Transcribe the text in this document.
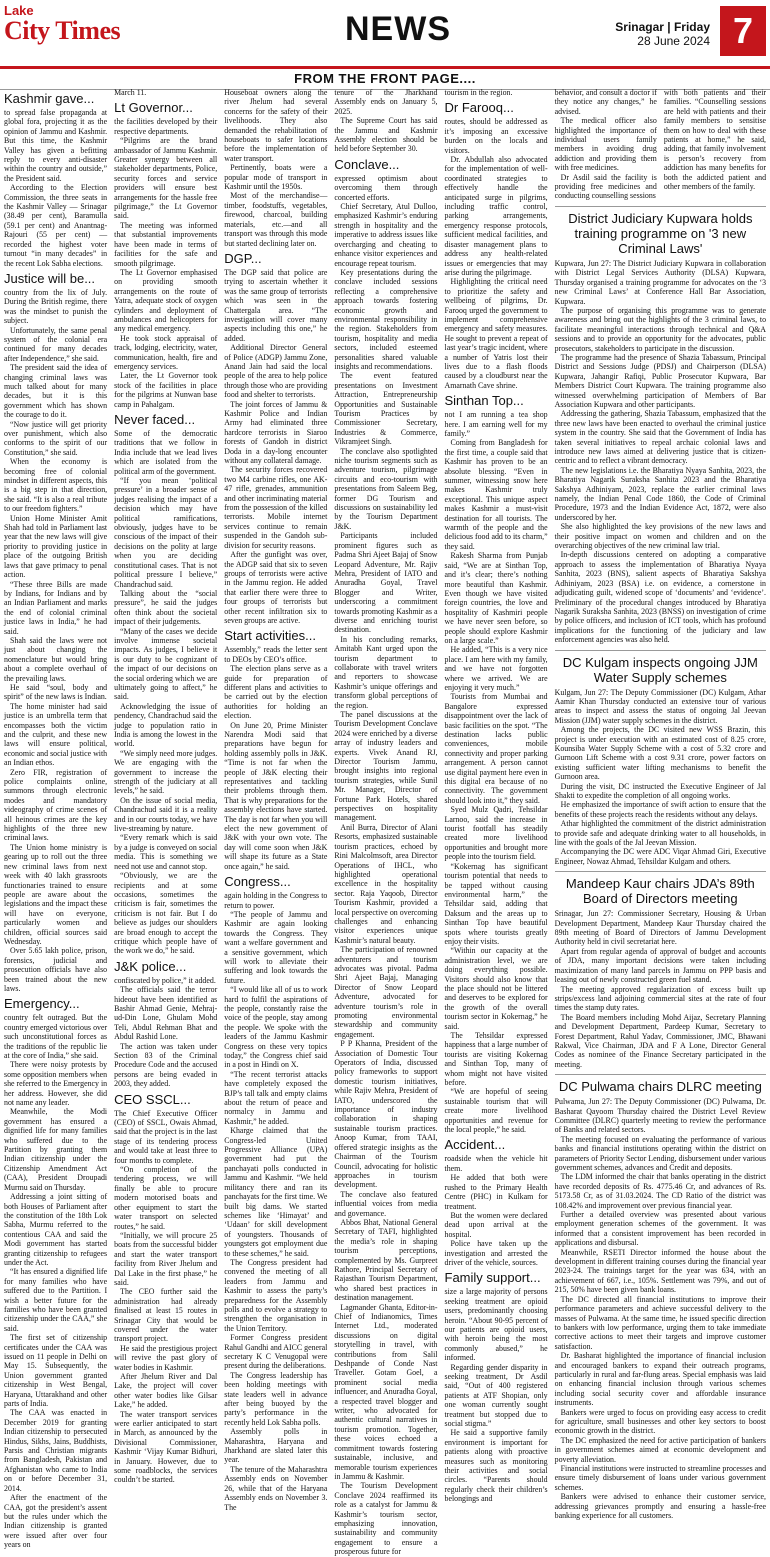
Lake
City Times	NEWS	Srinagar | Friday
28 June 2024 7
FROM THE FRONT PAGE....
Kashmir gave...

to spread false propaganda at global fora, projecting it as the opinion of Jammu and Kashmir. But this time, the Kashmir Valley has given a befitting reply to every anti-disaster within the country and outside,” the President said.

According to the Election Commission, the three seats in the Kashmir Valley — Srinagar (38.49 per cent), Baramulla (59.1 per cent) and Anantnag-Rajouri (55 per cent) — recorded the highest voter turnout “in many decades” in the recent Lok Sabha elections.

Justice will be...

country from the lix of July. During the British regime, there was the mindset to punish the subject.

Unfortunately, the same penal system of the colonial era continued for many decades after Independence,” she said.

The president said the idea of changing criminal laws was much talked about for many decades, but it is this government which has shown the courage to do it.

“Now justice will get priority over punishment, which also conforms to the spirit of our Constitution,” she said.

When the economy is becoming free of colonial mindset in different aspects, this is a big step in that direction, she said. “It is also a real tribute to our freedom fighters.”

Union Home Minister Amit Shah had told in Parliament last year that the new laws will give priority to providing justice in place of the outgoing British laws that gave primacy to penal action.

“These three Bills are made by Indians, for Indians and by an Indian Parliament and marks the end of colonial criminal justice laws in India,” he had said.

Shah said the laws were not just about changing the nomenclature but would bring about a complete overhaul of the prevailing laws.

He said “soul, body and spirit” of the new laws is Indian.

The home minister had said justice is an umbrella term that encompasses both the victim and the culprit, and these new laws will ensure political, economic and social justice with an Indian ethos.

Zero FIR, registration of police complaints online, summons through electronic modes and mandatory videography of crime scenes of all heinous crimes are the key highlights of the three new criminal laws.

The Union home ministry is gearing up to roll out the three new criminal laws from next week with 40 lakh grassroots functionaries trained to ensure people are aware about the legislations and the impact these will have on everyone, particularly women and children, official sources said Wednesday.

Over 5.65 lakh police, prison, forensics, judicial and prosecution officials have also been trained about the new laws.

Emergency...

country felt outraged. But the country emerged victorious over such unconstitutional forces as the traditions of the republic lie at the core of India,” she said.

There were noisy protests by some opposition members when she referred to the Emergency in her address. However, she did not name any leader.

Meanwhile, the Modi government has ensured a dignified life for many families who suffered due to the Partition by granting them Indian citizenship under the Citizenship Amendment Act (CAA), President Droupadi Murmu said on Thursday.

Addressing a joint sitting of both Houses of Parliament after the constitution of the 18th Lok Sabha, Murmu referred to the contentious CAA and said the Modi government has started granting citizenship to refugees under the Act.

“It has ensured a dignified life for many families who have suffered due to the Partition. I wish a better future for the families who have been granted citizenship under the CAA,” she said.

The first set of citizenship certificates under the CAA was issued on 11 people in Delhi on May 15. Subsequently, the Union government granted citizenship in West Bengal, Haryana, Uttarakhand and other parts of India.

The CAA was enacted in December 2019 for granting Indian citizenship to persecuted Hindus, Sikhs, Jains, Buddhists, Parsis and Christian migrants from Bangladesh, Pakistan and Afghanistan who came to India on or before December 31, 2014.

After the enactment of the CAA, got the president’s assent but the rules under which the Indian citizenship is granted were issued after over four years on

March 11.

Lt Governor...

the facilities developed by their respective departments.

“Pilgrims are the brand ambassador of Jammu Kashmir. Greater synergy between all stakeholder departments, Police, security forces and service providers will ensure best arrangements for the hassle free pilgrimage,” the Lt Governor said.

The meeting was informed that substantial improvements have been made in terms of facilities for the safe and smooth pilgrimage.

The Lt Governor emphasised on providing smooth arrangements on the route of Yatra, adequate stock of oxygen cylinders and deployment of ambulances and helicopters for any medical emergency.

He took stock appraisal of track, lodging, electricity, water, communication, health, fire and emergency services.

Later, the Lt Governor took stock of the facilities in place for the pilgrims at Nunwan base camp in Pahalgam.

Never faced...

Some of the democratic traditions that we follow in India include that we lead lives which are isolated from the political arm of the government.

“If you mean ‘political pressure’ in a broader sense of judges realising the impact of a decision which may have political ramifications, obviously, judges have to be conscious of the impact of their decisions on the polity at large when you are deciding constitutional cases. That is not political pressure I believe,” Chandrachud said.

Talking about the “social pressure”, he said the judges often think about the societal impact of their judgements.

“Many of the cases we decide involve immense societal impacts. As judges, I believe it is our duty to be cognizant of the impact of our decisions on the social ordering which we are ultimately going to affect,” he said.

Acknowledging the issue of pendency, Chandrachud said the judge to population ratio in India is among the lowest in the world.

“We simply need more judges. We are engaging with the government to increase the strength of the judiciary at all levels,” he said.

On the issue of social media, Chandrachud said it is a reality and in our courts today, we have live-streaming by nature.

“Every remark which is said by a judge is conveyed on social media. This is something we need not use and cannot stop.

“Obviously, we are the recipients and at some occasions, sometimes the criticism is fair, sometimes the criticism is not fair. But I do believe as judges our shoulders are broad enough to accept the critique which people have of the work we do,” he said.

J&K police...

confiscated by police,” it added.

The officials said the terror hideout have been identified as Bashir Ahmad Genie, Mehraj-ud-Din Lone, Ghulam Mohd Teli, Abdul Rehman Bhat and Abdul Rashid Lone.

The action was taken under Section 83 of the Criminal Procedure Code and the accused persons are being evaded in 2003, they added.

CEO SSCL...

The Chief Executive Officer (CEO) of SSCL, Owais Ahmad, said that the project is in the last stage of its tendering process and would take at least three to four months to complete.

“On completion of the tendering process, we will finally be able to procure modern motorised boats and other equipment to start the water transport on selected routes,” he said.

“Initially, we will procure 25 boats from the successful bidder and start the water transport facility from River Jhelum and Dal Lake in the first phase,” he said.

The CEO further said the administration had already finalised at least 15 routes in Srinagar City that would be covered under the water transport project.

He said the prestigious project will revive the past glory of water bodies in Kashmir.

After Jhelum River and Dal Lake, the project will cover other water bodies like Gilsar Lake,” he added.

The water transport services were earlier anticipated to start in March, as announced by the Divisional Commissioner, Kashmir ‘Vijay Kumar Bidhuri, in January. However, due to some roadblocks, the services couldn’t be started.

Houseboat owners along the river Jhelum had several concerns for the safety of their livelihoods. They also demanded the rehabilitation of houseboats to safer locations before the implementation of water transport.

Pertinently, boats were a popular mode of transport in Kashmir until the 1950s.

Most of the merchandise—timber, foodstuffs, vegetables, firewood, charcoal, building materials, etc.—and all transport was through this mode but started declining later on.

DGP...

The DGP said that police are trying to ascertain whether it was the same group of terrorists which was seen in the Chattergala area. “The investigation will cover many aspects including this one,” he added.

Additional Director General of Police (ADGP) Jammu Zone, Anand Jain had said the local people of the area to help police through those who are providing food and shelter to terrorists.

The joint forces of Jammu & Kashmir Police and Indian Army had eliminated three hardcore terrorists in Siaroo forests of Gandoh in district Doda in a day-long encounter without any collateral damage.

The security forces recovered two M4 carbine rifles, one AK-47 rifle, grenades, ammunition and other incriminating material from the possession of the killed terrorists. Mobile internet services continue to remain suspended in the Gandoh sub-division for security reasons.

After the gunfight was over, the ADGP said that six to seven groups of terrorists were active in the Jammu region. He added that earlier there were three to four groups of terrorists but other recent infiltration six to seven groups are active.

Start activities...

Assembly,” reads the letter sent to DEOs by CEO’s office.

The election plans serve as a guide for preparation of different plans and activities to be carried out by the election authorities for holding an election.

On June 20, Prime Minister Narendra Modi said that preparations have begun for holding assembly polls in J&K. “Time is not far when the people of J&K electing their representatives and tackling their problems through them. That is why preparations for the assembly elections have started. The day is not far when you will elect the new government of J&K with your own vote. The day will come soon when J&K will shape its future as a State once again,” he said.

Congress...

again holding in the Congress to return to power.

“The people of Jammu and Kashmir are again looking towards the Congress. They want a welfare government and a sensitive government, which will work to alleviate their suffering and look towards the future.

“I would like all of us to work hard to fulfil the aspirations of the people, constantly raise the voice of the people, stay among the people. We spoke with the leaders of the Jammu Kashmir Congress on these very topics today,” the Congress chief said in a post in Hindi on X.

“The recent terrorist attacks have completely exposed the BJP’s tall talk and empty claims about the return of peace and normalcy in Jammu and Kashmir,” he added.

Kharge claimed that the Congress-led United Progressive Alliance (UPA) government had put the panchayati polls conducted in Jammu and Kashmir. “We held militancy there and ran its panchayats for the first time. We built big dams. We started schemes like ‘Himayat’ and ‘Udaan’ for skill development of youngsters. Thousands of youngsters got employment due to these schemes,” he said.

The Congress president had convened the meeting of all leaders from Jammu and Kashmir to assess the party’s preparedness for the Assembly polls and to evolve a strategy to strengthen the organisation in the Union Territory.

Former Congress president Rahul Gandhi and AICC general secretary K C Venugopal were present during the deliberations.

The Congress leadership has been holding meetings with state leaders well in advance after being buoyed by the party’s performance in the recently held Lok Sabha polls.

Assembly polls in Maharashtra, Haryana and Jharkhand are slated later this year.

The tenure of the Maharashtra Assembly ends on November 26, while that of the Haryana Assembly ends on November 3. The

tenure of the Jharkhand Assembly ends on January 5, 2025.

The Supreme Court has said the Jammu and Kashmir Assembly election should be held before September 30.

Conclave...

expressed optimism about overcoming them through concerted efforts.

Chief Secretary, Atul Dulloo, emphasized Kashmir’s enduring strength in hospitality and the imperative to address issues like overcharging and cheating to enhance visitor experiences and encourage repeat tourism.

Key presentations during the conclave included sessions reflecting a comprehensive approach towards fostering economic growth and environmental responsibility in the region. Stakeholders from tourism, hospitality and media sectors, included esteemed personalities shared valuable insights and recommendations.

The event featured presentations on Investment Attraction, Entrepreneurship Opportunities and Sustainable Tourism Practices by Commissioner Secretary, Industries & Commerce, Vikramjeet Singh.

The conclave also spotlighted niche tourism segments such as adventure tourism, pilgrimage circuits and eco-tourism with presentations from Saleem Beg, former DG Tourism and discussions on sustainability led by the Tourism Department J&K.

Participants included prominent figures such as Padma Shri Ajeet Bajaj of Snow Leopard Adventure, Mr. Rajiv Mehra, President of IATO and Anuradha Goyal, Travel Blogger and Writer, underscoring a commitment towards promoting Kashmir as a diverse and enriching tourist destination.

In his concluding remarks, Amitabh Kant urged upon the tourism department to collaborate with travel writers and reporters to showcase Kashmir’s unique offerings and transform global perceptions of the region.

The panel discussions at the Tourism Development Conclave 2024 were enriched by a diverse array of industry leaders and experts. Vivek Anand RJ, Director Tourism Jammu, brought insights into regional tourism strategies, while Sunil Mr. Manager, Director of Fortune Park Hotels, shared perspectives on hospitality management.

Anil Burra, Director of Alani Resorts, emphasized sustainable tourism practices, echoed by Rini Malcolmsoft, area Director Operations of IHCL, who highlighted operational excellence in the hospitality sector. Raja Yaqoob, Director Tourism Kashmir, provided a local perspective on overcoming challenges and enhancing visitor experiences unique Kashmir’s natural beauty.

The participation of renowned adventurers and tourism advocates was pivotal. Padma Shri Ajeet Bajaj, Managing Director of Snow Leopard Adventure, advocated for adventure tourism’s role in promoting environmental stewardship and community engagement.

P P Khanna, President of the Association of Domestic Tour Operators of India, discussed policy frameworks to support domestic tourism initiatives, while Rajiv Mehra, President of IATO, underscored the importance of industry collaboration in shaping sustainable tourism practices. Anoop Kumar, from TAAI, offered strategic insights as the Chairman of the Tourism Council, advocating for holistic approaches in tourism development.

The conclave also featured influential voices from media and governance.

Abbos Bhat, National General Secretary of TAFI, highlighted the media’s role in shaping tourism perceptions, complemented by Ms. Gurpreet Rathore, Principal Secretary of Rajasthan Tourism Department, who shared best practices in destination management.

Lagmander Ghanta, Editor-in-Chief of Indianomics, Times Internet Ltd., moderated discussions on digital storytelling in travel, with contributions from Salil Deshpande of Conde Nast Traveller. Gotam Goel, a prominent social media influencer, and Anuradha Goyal, a respected travel blogger and writer, who advocated for authentic cultural narratives in tourism promotion. Together, these voices echoed a commitment towards fostering sustainable, inclusive, and memorable tourism experiences in Jammu & Kashmir.

The Tourism Development Conclave 2024 reaffirmed its role as a catalyst for Jammu & Kashmir’s tourism sector, emphasizing innovation, sustainability and community engagement to ensure a prosperous future for

tourism in the region.

Dr Farooq...

routes, should be addressed as it’s imposing an excessive burden on the locals and visitors.

Dr. Abdullah also advocated for the implementation of well-coordinated strategies to effectively handle the anticipated surge in pilgrims, including traffic control, parking arrangements, emergency response protocols, sufficient medical facilities, and disaster management plans to address any health-related issues or emergencies that may arise during the pilgrimage.

Highlighting the critical need to prioritize the safety and wellbeing of pilgrims, Dr. Farooq urged the government to implement comprehensive emergency and safety measures. He sought to prevent a repeat of last year’s tragic incident, where a number of Yatris lost their lives due to a flash floods caused by a cloudburst near the Amarnath Cave shrine.

Sinthan Top...

not I am running a tea shop here. I am earning well for my family.”

Coming from Bangladesh for the first time, a couple said that Kashmir has proven to be an absolute blessing. “Even in summer, witnessing snow here makes Kashmir truly exceptional. This unique aspect makes Kashmir a must-visit destination for all tourists. The warmth of the people and the delicious food add to its charm,” they said.

Rakesh Sharma from Punjab said, “We are at Sinthan Top, and it’s clear; there’s nothing more beautiful than Kashmir. Even though we have visited foreign countries, the love and hospitality of Kashmiri people we have never seen before, so people should explore Kashmir on a large scale.”

He added, “This is a very nice place. I am here with my family, and we have not forgotten where we arrived. We are enjoying it very much.”

Tourists from Mumbai and Bangalore expressed disappointment over the lack of basic facilities on the spot. “The destination lacks public conveniences, mobile connectivity and proper parking arrangement. A person cannot use digital payment here even in this digital era because of no connectivity. The government should look into it,” they said.

Syed Mulz Qadri, Tehsildar Larnoo, said the increase in tourist footfall has steadily created more livelihood opportunities and brought more people into the tourism field.

“Kokernag has significant tourism potential that needs to be tapped without causing environmental harm,” the Tehsildar said, adding that Daksum and the areas up to Sinthan Top have beautiful spots where tourists greatly enjoy their visits.

“Within our capacity at the administration level, we are doing everything possible. Visitors should also know that the place should not be littered and deserves to be explored for the growth of the overall tourism sector in Kokernag,” he said.

The Tehsildar expressed happiness that a large number of tourists are visiting Kokernag and Sinthan Top, many of whom might not have visited before.

“We are hopeful of seeing sustainable tourism that will create more livelihood opportunities and revenue for the local people,” he said.

Accident...

roadside when the vehicle hit them.

He added that both were rushed to the Primary Health Centre (PHC) in Kulkam for treatment.

But the women were declared dead upon arrival at the hospital.

Police have taken up the investigation and arrested the driver of the vehicle, sources.

Family support...

size a large majority of persons seeking treatment are opioid users, predominantly choosing heroin. “About 90-95 percent of our patients are opioid users, with heroin being the most commonly abused,” he informed.

Regarding gender disparity in seeking treatment, Dr Asdil said, “Out of 400 registered patients at ATF Shopian, only one woman currently sought treatment but stopped due to social stigma.”

He said a supportive family environment is important for patients along with proactive measures such as monitoring their activities and social circles. “Parents should regularly check their children’s belongings and

behavior, and consult a doctor if they notice any changes,” he advised.

The medical officer also highlighted the importance of individual users family members in avoiding drug addiction and providing them with free medicines.

Dr Asdil said the facility is providing free medicines and conducting counselling sessions

with both patients and their families. “Counselling sessions are held with patients and their family members to sensitise them on how to deal with these patients at home,” he said, adding, that family involvement is person’s recovery from addiction has many benefits for both the addicted patient and other members of the family.

District Judiciary Kupwara holds training programme on '3 new Criminal Laws'

Kupwara, Jun 27: The District Judiciary Kupwara in collaboration with District Legal Services Authority (DLSA) Kupwara, Thursday organised a training programme for advocates on the ‘3 new Criminal Laws’ at Conference Hall Bar Association, Kupwara.

The purpose of organising this programme was to generate awareness and bring out the highlights of the 3 criminal laws, to facilitate meaningful interactions through technical and Q&A sessions and to provide an opportunity for the advocates, public prosecutors, stakeholders to participate in the discussion.

The programme had the presence of Shazia Tabassum, Principal District and Sessions Judge (PDSJ) and Chairperson (DLSA) Kupwara, Jahangir Rafiqi, Public Prosecutor Kupwara, Bar Members District Court Kupwara. The training programme also witnessed overwhelming participation of Members of Bar Association Kupwara and other participants.

Addressing the gathering, Shazia Tabassum, emphasized that the three new laws have been enacted to overhaul the criminal justice system in the country. She said that the Government of India has taken several initiatives to repeal archaic colonial laws and introduce new laws aimed at delivering justice that is citizen-centric and to reflect a vibrant democracy.

The new legislations i.e. the Bharatiya Nyaya Sanhita, 2023, the Bharatiya Nagarik Suraksha Sanhita 2023 and the Bharatiya Sakshya Adhiniyam, 2023, replace the earlier criminal laws namely, the Indian Penal Code 1860, the Code of Criminal Procedure, 1973 and the Indian Evidence Act, 1872, were also underscored by her.

She also highlighted the key provisions of the new laws and their positive impact on women and children and on the overarching objectives of the new criminal law trial.

In-depth discussions centered on adopting a comparative approach to assess the implementation of Bharatiya Nyaya Sanhita, 2023 (BNS), salient aspects of Bharatiya Sakshya Adhiniyam, 2023 (BSA) i.e. on evidence, a cornerstone in adjudicating guilt, widened scope of ‘documents’ and ‘evidence’. Preliminary of the procedural changes introduced by Bharatiya Nagarik Suraksha Sanhita, 2023 (BNSS) on investigation of crime by police officers, and inclusion of ICT tools, which has profound implications for the functioning of the judiciary and law enforcement agencies was also held.

DC Kulgam inspects ongoing JJM Water Supply schemes

Kulgam, Jun 27: The Deputy Commissioner (DC) Kulgam, Athar Aamir Khan Thursday conducted an extensive tour of various areas to inspect and assess the status of ongoing Jal Jeevan Mission (JJM) water supply schemes in the district.

Among the projects, the DC visited new WSS Brazin, this project is under execution with an estimated cost of 8.25 crore, Kounsiba Water Supply Scheme with a cost of 5.32 crore and Gurnoon Lift Scheme with a cost 9.31 crore, power factors on existing sufficient water lifting mechanisms to benefit the Gurnoon area.

During the visit, DC instructed the Executive Engineer of Jal Shakti to expedite the completion of all ongoing works.

He emphasized the importance of swift action to ensure that the benefits of these projects reach the residents without any delays.

Athar highlighted the commitment of the district administration to provide safe and adequate drinking water to all households, in line with the goals of the Jal Jeevan Mission.

Accompanying the DC were ADC Viqar Ahmad Giri, Executive Engineer, Nowaz Ahmad, Tehsildar Kulgam and others.

Mandeep Kaur chairs JDA’s 89th Board of Directors meeting

Srinagar, Jun 27: Commissioner Secretary, Housing & Urban Development Department, Mandeep Kaur Thursday chaired the 89th meeting of Board of Directors of Jammu Development Authority held in civil secretariat here.

Apart from regular agenda of approval of budget and accounts of JDA, many important decisions were taken including maximization of many land parcels in Jammu on PPP basis and leasing out of newly constructed green fuel stand.

The meeting approved regularization of excess built up strips/excess land adjoining commercial sites at the rate of four times the stamp duty rates.

The Board members including Mohd Aijaz, Secretary Planning and Development Department, Pardeep Kumar, Secretary to Forest Department, Rahul Yadav, Commissioner, JMC, Bhawani Rakwal, Vice Chairman, JDA and F A Lone, Director General Codes as nominee of the Finance Secretary participated in the meeting.

DC Pulwama chairs DLRC meeting

Pulwama, Jun 27: The Deputy Commissioner (DC) Pulwama, Dr. Basharat Qayoom Thursday chaired the District Level Review Committee (DLRC) quarterly meeting to review the performance of Banks and related sectors.

The meeting focused on evaluating the performance of various banks and financial institutions operating within the district on parameters of Priority Sector Lending, disbursement under various government schemes, advances and Credit and deposits.

The LDM informed the chair that banks operating in the district have recorded deposits of Rs. 4775.46 Cr, and advances of Rs. 5173.58 Cr, as of 31.03.2024. The CD Ratio of the district was 108.42% and improvement over previous financial year.

Further a detailed overview was presented about various employment generation schemes of the government. It was informed that a consistent improvement has been recorded in applications and disbursal.

Meanwhile, RSETI Director informed the house about the development in different training courses during the financial year 2023-24. The trainings target for the year was 634, with an achievement of 667, i.e., 105%. Settlement was 79%, and out of 215, 50% have been given bank loans.

The DC directed all financial institutions to improve their performance parameters and achieve successful delivery to the masses of Pulwama. At the same time, he issued specific direction to bankers with low performance, urging them to take immediate corrective actions to meet their targets and improve customer satisfaction.

Dr. Basharat highlighted the importance of financial inclusion and encouraged bankers to expand their outreach programs, particularly in rural and far-flung areas. Special emphasis was laid on enhancing financial inclusion through various schemes including social security cover and affordable insurance instruments.

Bankers were urged to focus on providing easy access to credit for agriculture, small businesses and other key sectors to boost economic growth in the district.

The DC emphasized the need for active participation of bankers in government schemes aimed at economic development and poverty alleviation.

Financial institutions were instructed to streamline processes and ensure timely disbursement of loans under various government schemes.

Bankers were advised to enhance their customer service, addressing grievances promptly and ensuring a hassle-free banking experience for all customers.
